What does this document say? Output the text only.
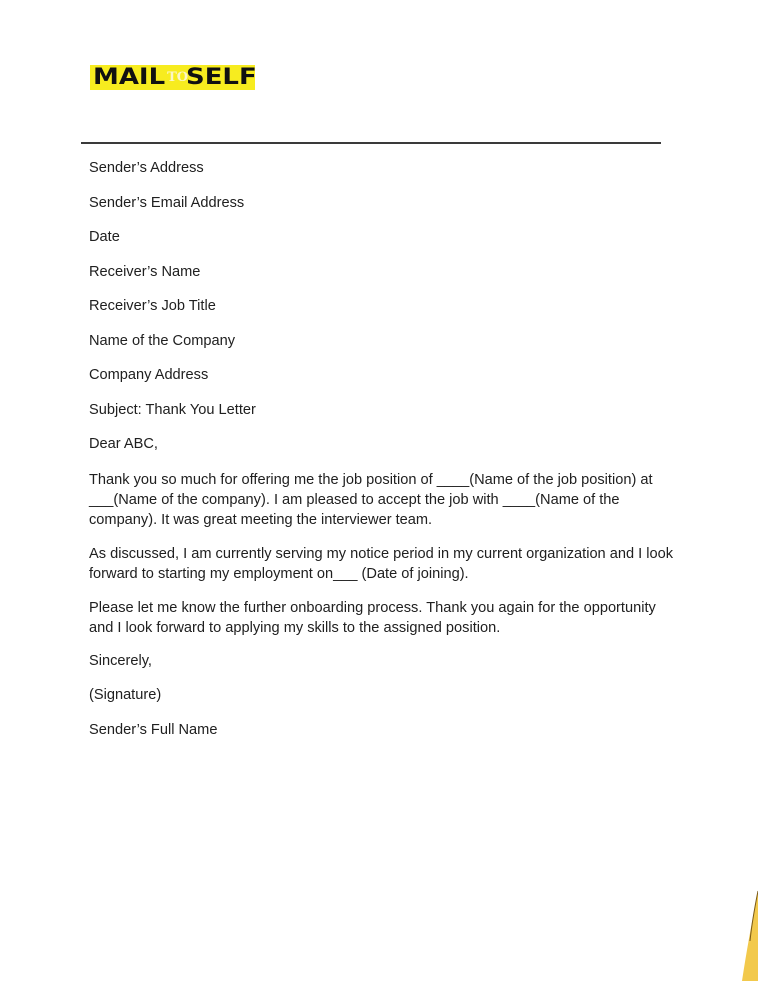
MAIL TO
SELF

Sender’s Address

Sender’s Email Address

Date

Receiver’s Name

Receiver’s Job Title

Name of the Company

Company Address

Subject: Thank You Letter

Dear ABC,

Thank you so much for offering me the job position of ____(Name of the job position) at ___(Name of the company). I am pleased to accept the job with ____(Name of the company). It was great meeting the interviewer team.

As discussed, I am currently serving my notice period in my current organization and I look forward to starting my employment on___ (Date of joining).

Please let me know the further onboarding process. Thank you again for the opportunity and I look forward to applying my skills to the assigned position.

Sincerely,

(Signature)

Sender’s Full Name
